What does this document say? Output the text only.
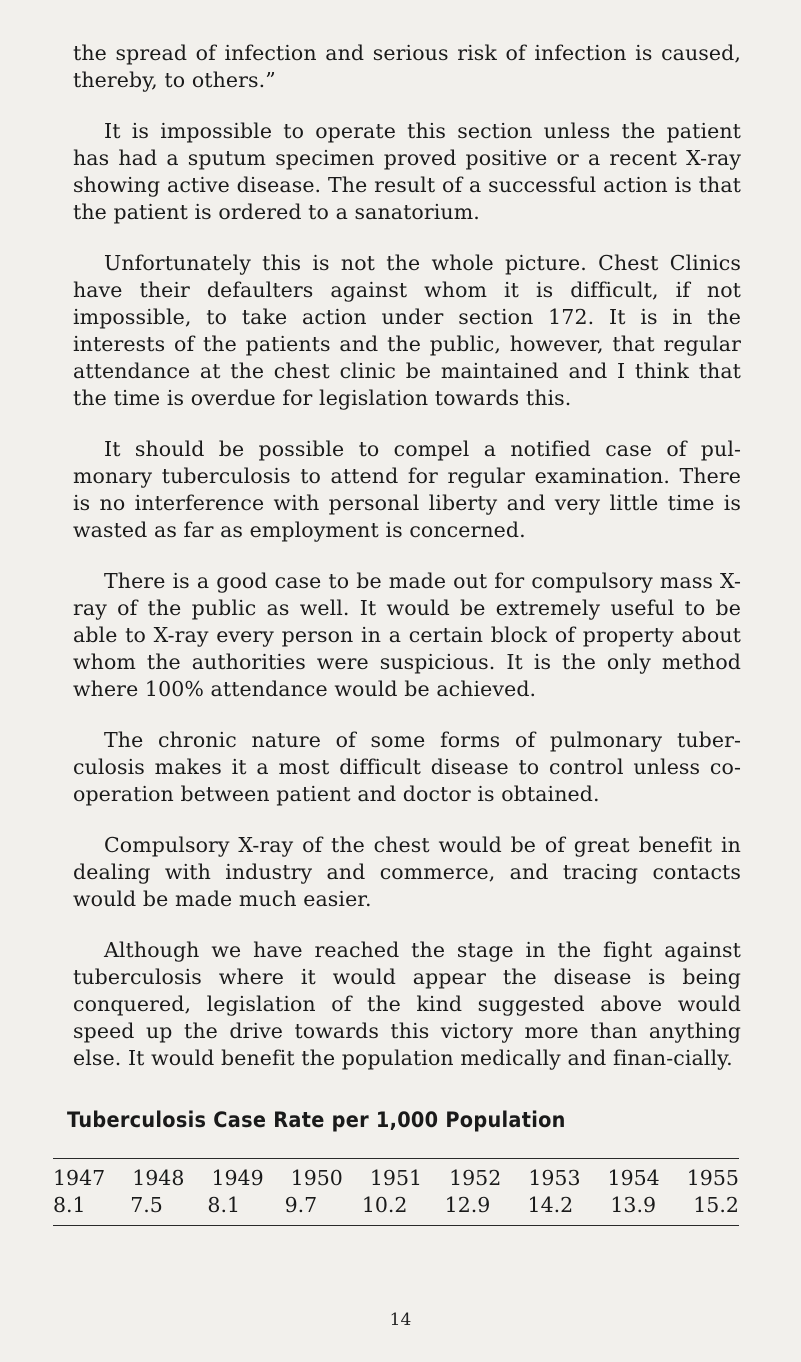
the spread of infection and serious risk of infection is caused, thereby, to others.”

It is impossible to operate this section unless the patient has had a sputum specimen proved positive or a recent X-ray showing active disease. The result of a successful action is that the patient is ordered to a sanatorium.

Unfortunately this is not the whole picture. Chest Clinics have their defaulters against whom it is difficult, if not impossible, to take action under section 172. It is in the interests of the patients and the public, however, that regular attendance at the chest clinic be maintained and I think that the time is overdue for legislation towards this.

It should be possible to compel a notified case of pul-monary tuberculosis to attend for regular examination. There is no interference with personal liberty and very little time is wasted as far as employment is concerned.

There is a good case to be made out for compulsory mass X-ray of the public as well. It would be extremely useful to be able to X-ray every person in a certain block of property about whom the authorities were suspicious. It is the only method where 100% attendance would be achieved.

The chronic nature of some forms of pulmonary tuber-culosis makes it a most difficult disease to control unless co-operation between patient and doctor is obtained.

Compulsory X-ray of the chest would be of great benefit in dealing with industry and commerce, and tracing contacts would be made much easier.

Although we have reached the stage in the fight against tuberculosis where it would appear the disease is being conquered, legislation of the kind suggested above would speed up the drive towards this victory more than anything else. It would benefit the population medically and finan-cially.

Tuberculosis Case Rate per 1,000 Population
1947 1948 1949 1950 1951 1952 1953 1954 1955
8.1	7.5	8.1	9.7	10.2 12.9 14.2 13.9 15.2
14
